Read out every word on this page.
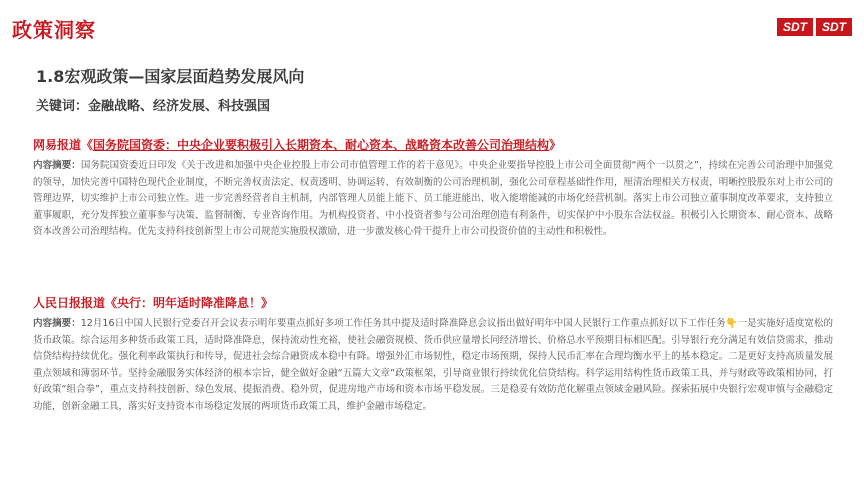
政策洞察	SDT	SDT
1.8宏观政策—国家层面趋势发展风向
关键词：金融战略、经济发展、科技强国
网易报道《国务院国资委：中央企业要积极引入长期资本、耐心资本、战略资本改善公司治理结构》
内容摘要：国务院国资委近日印发《关于改进和加强中央企业控股上市公司市值管理工作的若干意见》。中央企业要指导控股上市公司全面贯彻“两个一以贯之”，持续在完善公司治理中加强党的领导，加快完善中国特色现代企业制度，不断完善权责法定、权责透明、协调运转、有效制衡的公司治理机制，强化公司章程基础性作用，厘清治理相关方权责，明晰控股股东对上市公司的管理边界，切实维护上市公司独立性。进一步完善经营者自主机制，内部管理人员能上能下、员工能进能出、收入能增能减的市场化经营机制。落实上市公司独立董事制度改革要求，支持独立董事履职，充分发挥独立董事参与决策、监督制衡、专业咨询作用。为机构投资者、中小投资者参与公司治理创造有利条件，切实保护中小股东合法权益。积极引入长期资本、耐心资本、战略资本改善公司治理结构。优先支持科技创新型上市公司规范实施股权激励，进一步激发核心骨干提升上市公司投资价值的主动性和积极性。
人民日报报道《央行：明年适时降准降息！》
内容摘要：12月16日中国人民银行党委召开会议表示明年要重点抓好多项工作任务其中提及适时降准降息会议指出做好明年中国人民银行工作重点抓好以下工作任务👇一是实施好适度宽松的货币政策。综合运用多种货币政策工具，适时降准降息，保持流动性充裕，使社会融资规模、货币供应量增长同经济增长、价格总水平预期目标相匹配。引导银行充分满足有效信贷需求，推动信贷结构持续优化。强化利率政策执行和传导，促进社会综合融资成本稳中有降。增强外汇市场韧性，稳定市场预期，保持人民币汇率在合理均衡水平上的基本稳定。二是更好支持高质量发展重点领域和薄弱环节。坚持金融服务实体经济的根本宗旨，健全做好金融“五篇大文章”政策框架，引导商业银行持续优化信贷结构。科学运用结构性货币政策工具，并与财政等政策相协同，打好政策“组合拳”，重点支持科技创新、绿色发展、提振消费、稳外贸，促进房地产市场和资本市场平稳发展。三是稳妥有效防范化解重点领域金融风险。探索拓展中央银行宏观审慎与金融稳定功能，创新金融工具，落实好支持资本市场稳定发展的两项货币政策工具，维护金融市场稳定。
